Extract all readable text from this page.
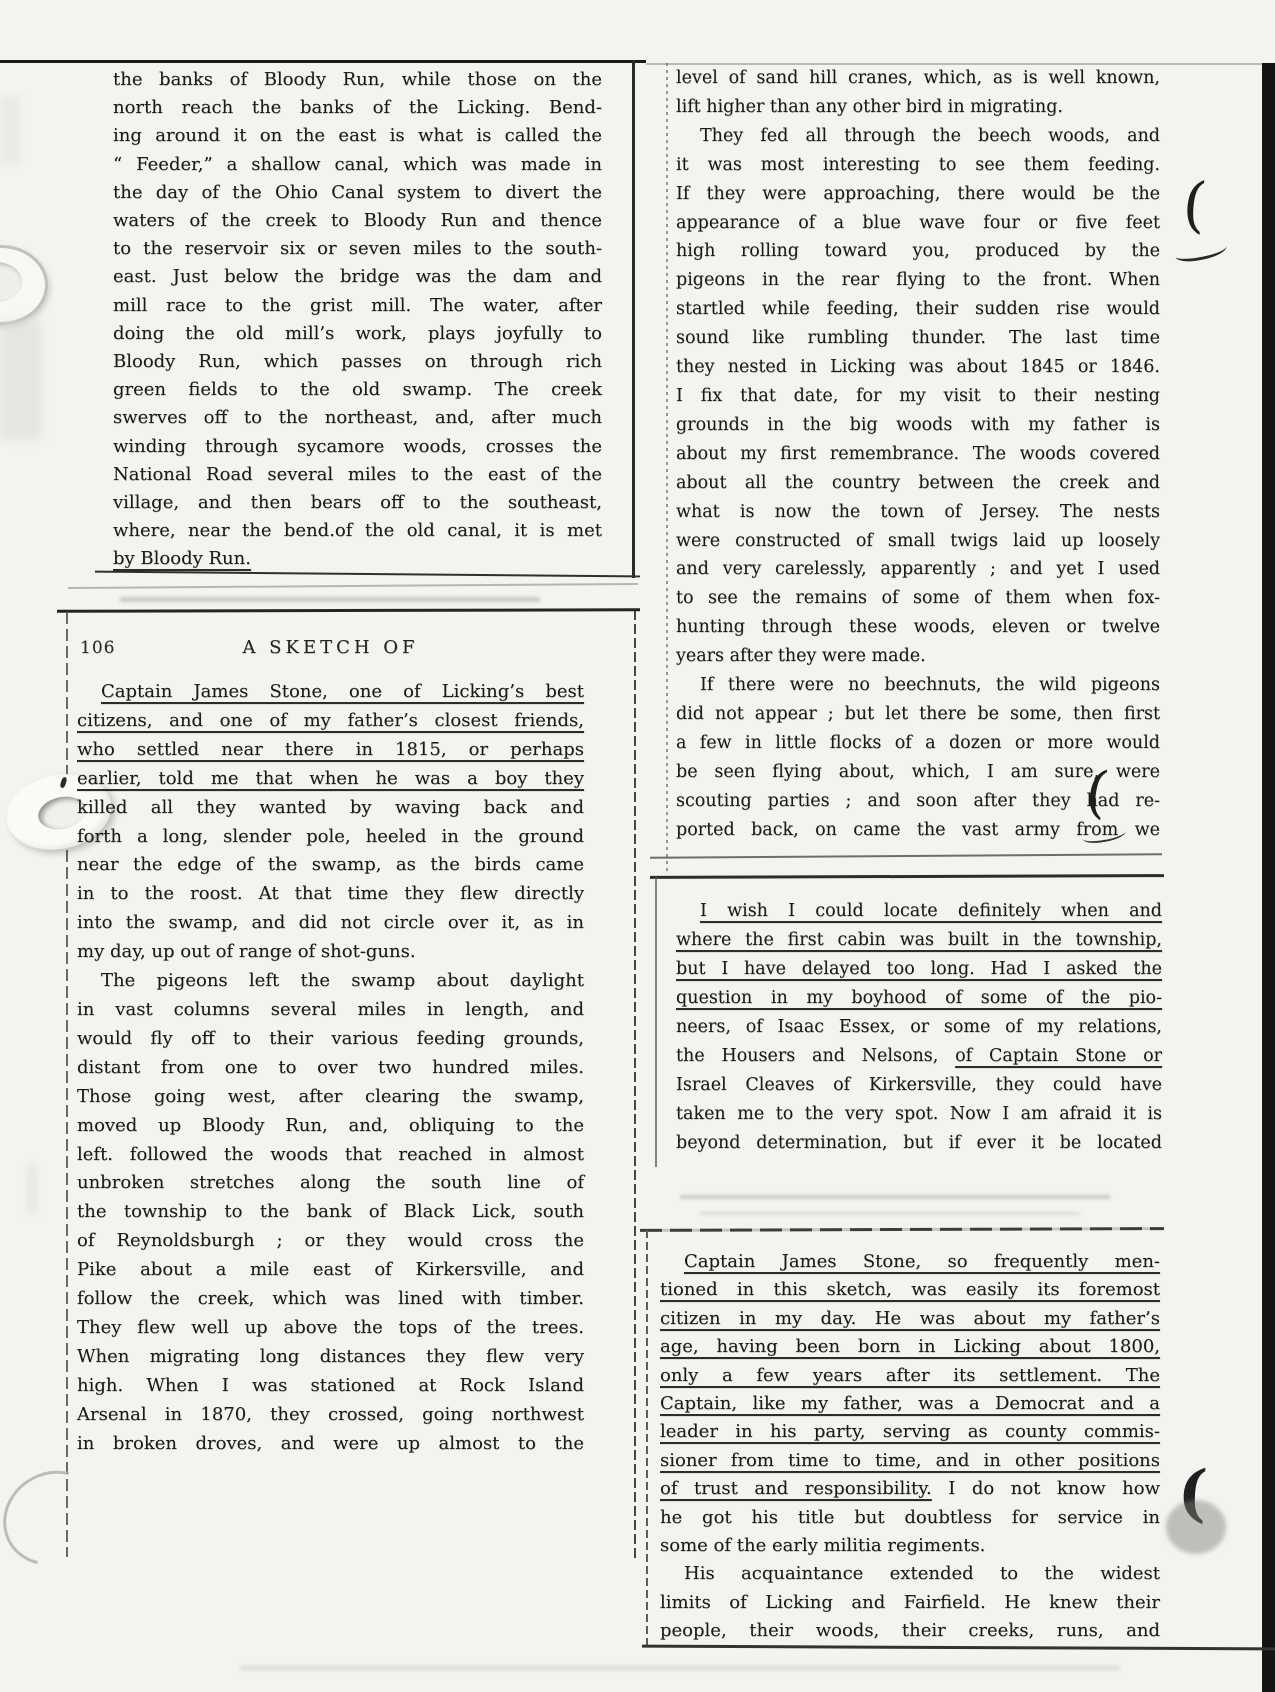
(
(
(
the banks of Bloody Run, while those on the
north reach the banks of the Licking. Bend-
ing around it on the east is what is called the
“ Feeder,” a shallow canal, which was made in
the day of the Ohio Canal system to divert the
waters of the creek to Bloody Run and thence
to the reservoir six or seven miles to the south-
east. Just below the bridge was the dam and
mill race to the grist mill. The water, after
doing the old mill’s work, plays joyfully to
Bloody Run, which passes on through rich
green fields to the old swamp. The creek
swerves off to the northeast, and, after much
winding through sycamore woods, crosses the
National Road several miles to the east of the
village, and then bears off to the southeast,
where, near the bend.of the old canal, it is met
by Bloody Run.
106	A SKETCH OF
Captain James Stone, one of Licking’s best
citizens, and one of my father’s closest friends,
who settled near there in 1815, or perhaps
earlier, told me that when he was a boy they
killed all they wanted by waving back and
forth a long, slender pole, heeled in the ground
near the edge of the swamp, as the birds came
in to the roost. At that time they flew directly
into the swamp, and did not circle over it, as in
my day, up out of range of shot-guns.
The pigeons left the swamp about daylight
in vast columns several miles in length, and
would fly off to their various feeding grounds,
distant from one to over two hundred miles.
Those going west, after clearing the swamp,
moved up Bloody Run, and, obliquing to the
left. followed the woods that reached in almost
unbroken stretches along the south line of
the township to the bank of Black Lick, south
of Reynoldsburgh ; or they would cross the
Pike about a mile east of Kirkersville, and
follow the creek, which was lined with timber.
They flew well up above the tops of the trees.
When migrating long distances they flew very
high. When I was stationed at Rock Island
Arsenal in 1870, they crossed, going northwest
in broken droves, and were up almost to the
level of sand hill cranes, which, as is well known,
lift higher than any other bird in migrating.
They fed all through the beech woods, and
it was most interesting to see them feeding.
If they were approaching, there would be the
appearance of a blue wave four or five feet
high rolling toward you, produced by the
pigeons in the rear flying to the front. When
startled while feeding, their sudden rise would
sound like rumbling thunder. The last time
they nested in Licking was about 1845 or 1846.
I fix that date, for my visit to their nesting
grounds in the big woods with my father is
about my first remembrance. The woods covered
about all the country between the creek and
what is now the town of Jersey. The nests
were constructed of small twigs laid up loosely
and very carelessly, apparently ; and yet I used
to see the remains of some of them when fox-
hunting through these woods, eleven or twelve
years after they were made.
If there were no beechnuts, the wild pigeons
did not appear ; but let there be some, then first
a few in little flocks of a dozen or more would
be seen flying about, which, I am sure, were
scouting parties ; and soon after they had re-
ported back, on came the vast army from we
I wish I could locate definitely when and
where the first cabin was built in the township,
but I have delayed too long. Had I asked the
question in my boyhood of some of the pio-
neers, of Isaac Essex, or some of my relations,
the Housers and Nelsons, of Captain Stone or
Israel Cleaves of Kirkersville, they could have
taken me to the very spot. Now I am afraid it is
beyond determination, but if ever it be located
Captain James Stone, so frequently men-
tioned in this sketch, was easily its foremost
citizen in my day. He was about my father’s
age, having been born in Licking about 1800,
only a few years after its settlement. The
Captain, like my father, was a Democrat and a
leader in his party, serving as county commis-
sioner from time to time, and in other positions
of trust and responsibility. I do not know how
he got his title but doubtless for service in
some of the early militia regiments.
His acquaintance extended to the widest
limits of Licking and Fairfield. He knew their
people, their woods, their creeks, runs, and
